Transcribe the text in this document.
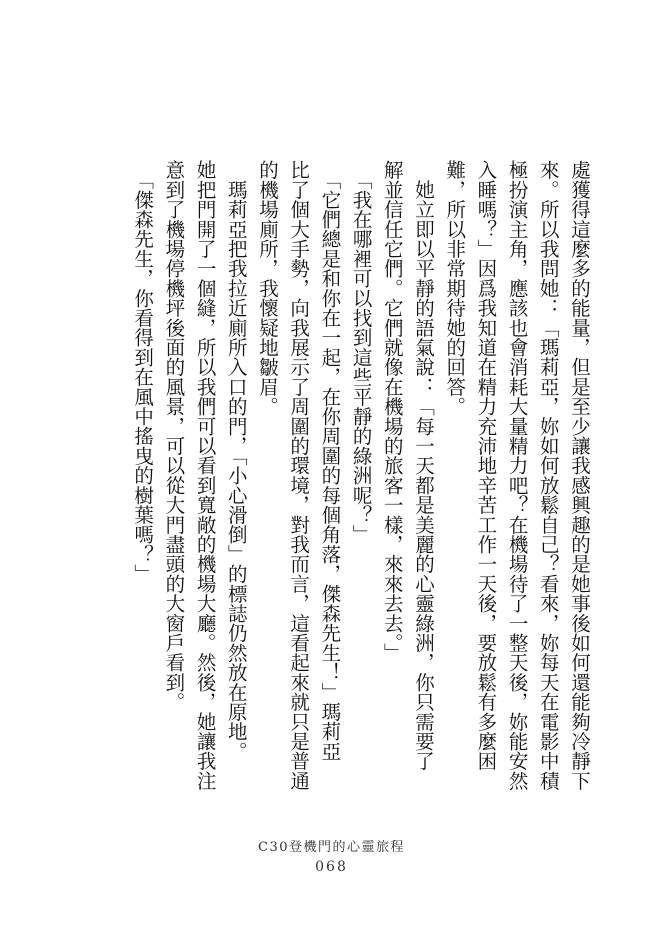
處獲得這麼多的能量，但是至少讓我感興趣的是她事後如何還能夠冷靜下

來。所以我問她：「瑪莉亞，妳如何放鬆自己？看來，妳每天在電影中積

極扮演主角，應該也會消耗大量精力吧？在機場待了一整天後，妳能安然

入睡嗎？」因爲我知道在精力充沛地辛苦工作一天後，要放鬆有多麼困

難，所以非常期待她的回答。

　她立即以平靜的語氣說：「每一天都是美麗的心靈綠洲，你只需要了

解並信任它們。它們就像在機場的旅客一樣，來來去去。」

　「我在哪裡可以找到這些平靜的綠洲呢？」

　「它們總是和你在一起，在你周圍的每個角落，傑森先生！」瑪莉亞

比了個大手勢，向我展示了周圍的環境，對我而言，這看起來就只是普通

的機場廁所，我懷疑地皺眉。

　瑪莉亞把我拉近廁所入口的門，「小心滑倒」的標誌仍然放在原地。

她把門開了一個縫，所以我們可以看到寬敞的機場大廳。然後，她讓我注

意到了機場停機坪後面的風景，可以從大門盡頭的大窗戶看到。

　「傑森先生，你看得到在風中搖曳的樹葉嗎？」

C30登機門的心靈旅程
068
